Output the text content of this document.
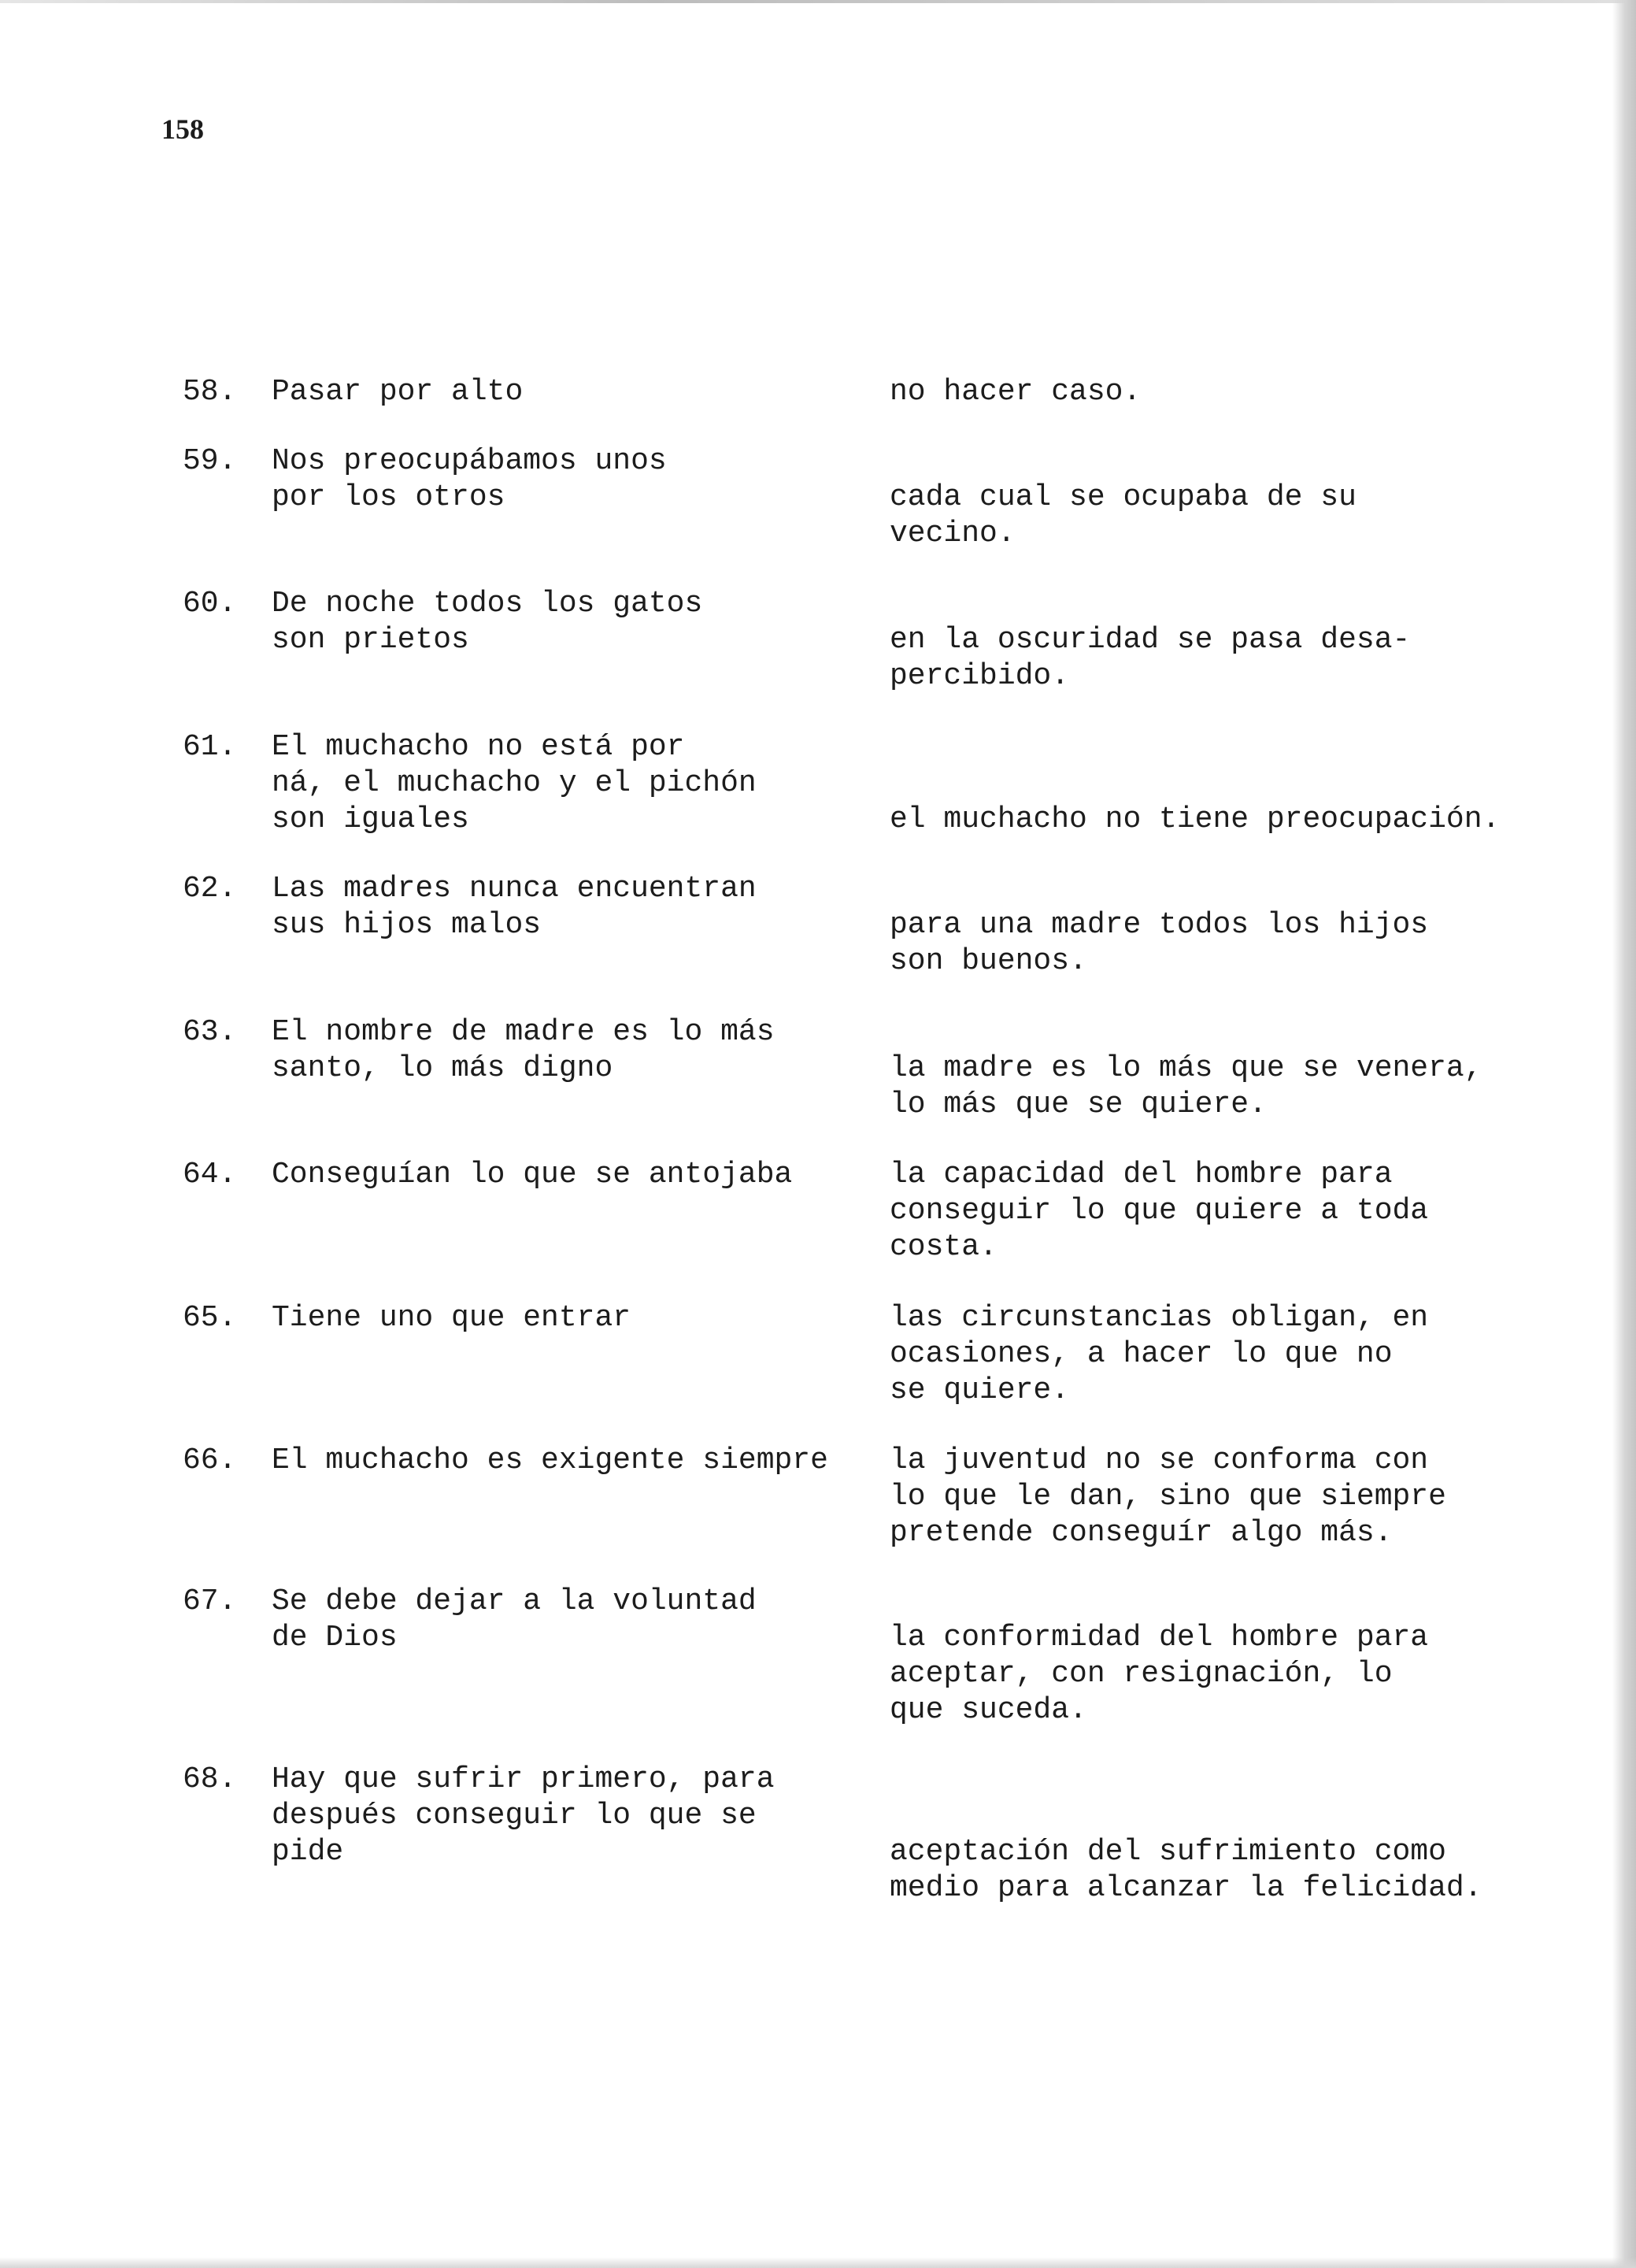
158

58. Pasar por alto	no hacer caso.
59. Nos preocupábamos unos
por los otros	cada cual se ocupaba de su
vecino.
60. De noche todos los gatos
son prietos	en la oscuridad se pasa desa-
percibido.
61. El muchacho no está por
ná, el muchacho y el pichón
son iguales	el muchacho no tiene preocupación.
62. Las madres nunca encuentran
sus hijos malos	para una madre todos los hijos
son buenos.
63. El nombre de madre es lo más
santo, lo más digno	la madre es lo más que se venera,
lo más que se quiere.
64. Conseguían lo que se antojaba	la capacidad del hombre para
conseguir lo que quiere a toda
costa.
65. Tiene uno que entrar	las circunstancias obligan, en
ocasiones, a hacer lo que no
se quiere.
66. El muchacho es exigente siempre	la juventud no se conforma con
lo que le dan, sino que siempre
pretende conseguír algo más.
67. Se debe dejar a la voluntad
de Dios	la conformidad del hombre para
aceptar, con resignación, lo
que suceda.
68. Hay que sufrir primero, para
después conseguir lo que se
pide	aceptación del sufrimiento como
medio para alcanzar la felicidad.
